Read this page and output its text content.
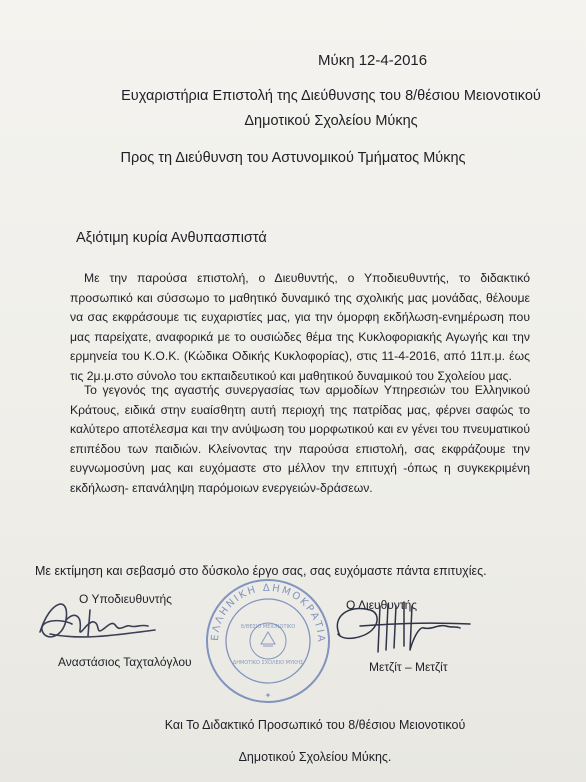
Μύκη 12-4-2016
Ευχαριστήρια Επιστολή της Διεύθυνσης του 8/θέσιου Μειονοτικού
Δημοτικού Σχολείου Μύκης
Προς τη Διεύθυνση του Αστυνομικού Τμήματος Μύκης
Αξιότιμη κυρία Ανθυπασπιστά
Με την παρούσα επιστολή, ο Διευθυντής, ο Υποδιευθυντής, το διδακτικό προσωπικό και σύσσωμο το μαθητικό δυναμικό της σχολικής μας μονάδας, θέλουμε να σας εκφράσουμε τις ευχαριστίες μας, για την όμορφη εκδήλωση-ενημέρωση που μας παρείχατε, αναφορικά με το ουσιώδες θέμα της Κυκλοφοριακής Αγωγής και την ερμηνεία του Κ.Ο.Κ. (Κώδικα Οδικής Κυκλοφορίας), στις 11-4-2016, από 11π.μ. έως τις 2μ.μ.στο σύνολο του εκπαιδευτικού και μαθητικού δυναμικού του Σχολείου μας.
Το γεγονός της αγαστής συνεργασίας των αρμοδίων Υπηρεσιών του Ελληνικού Κράτους, ειδικά στην ευαίσθητη αυτή περιοχή της πατρίδας μας, φέρνει σαφώς το καλύτερο αποτέλεσμα και την ανύψωση του μορφωτικού και εν γένει του πνευματικού επιπέδου των παιδιών. Κλείνοντας την παρούσα επιστολή, σας εκφράζουμε την ευγνωμοσύνη μας και ευχόμαστε στο μέλλον την επιτυχή -όπως η συγκεκριμένη εκδήλωση- επανάληψη παρόμοιων ενεργειών-δράσεων.
Με εκτίμηση και σεβασμό στο δύσκολο έργο σας, σας ευχόμαστε πάντα επιτυχίες.
Ο Υποδιευθυντής	Ο Διευθυντής
ΕΛΛΗΝΙΚΗ ΔΗΜΟΚΡΑΤΙΑ
8/ΘΕΣΙΟ ΜΕΙΟΝΟΤΙΚΟ
ΔΗΜΟΤΙΚΟ ΣΧΟΛΕΙΟ ΜΥΚΗΣ
✦
Αναστάσιος Ταχταλόγλου	Μετζίτ – Μετζίτ
Και Το Διδακτικό Προσωπικό του 8/θέσιου Μειονοτικού
Δημοτικού Σχολείου Μύκης.
